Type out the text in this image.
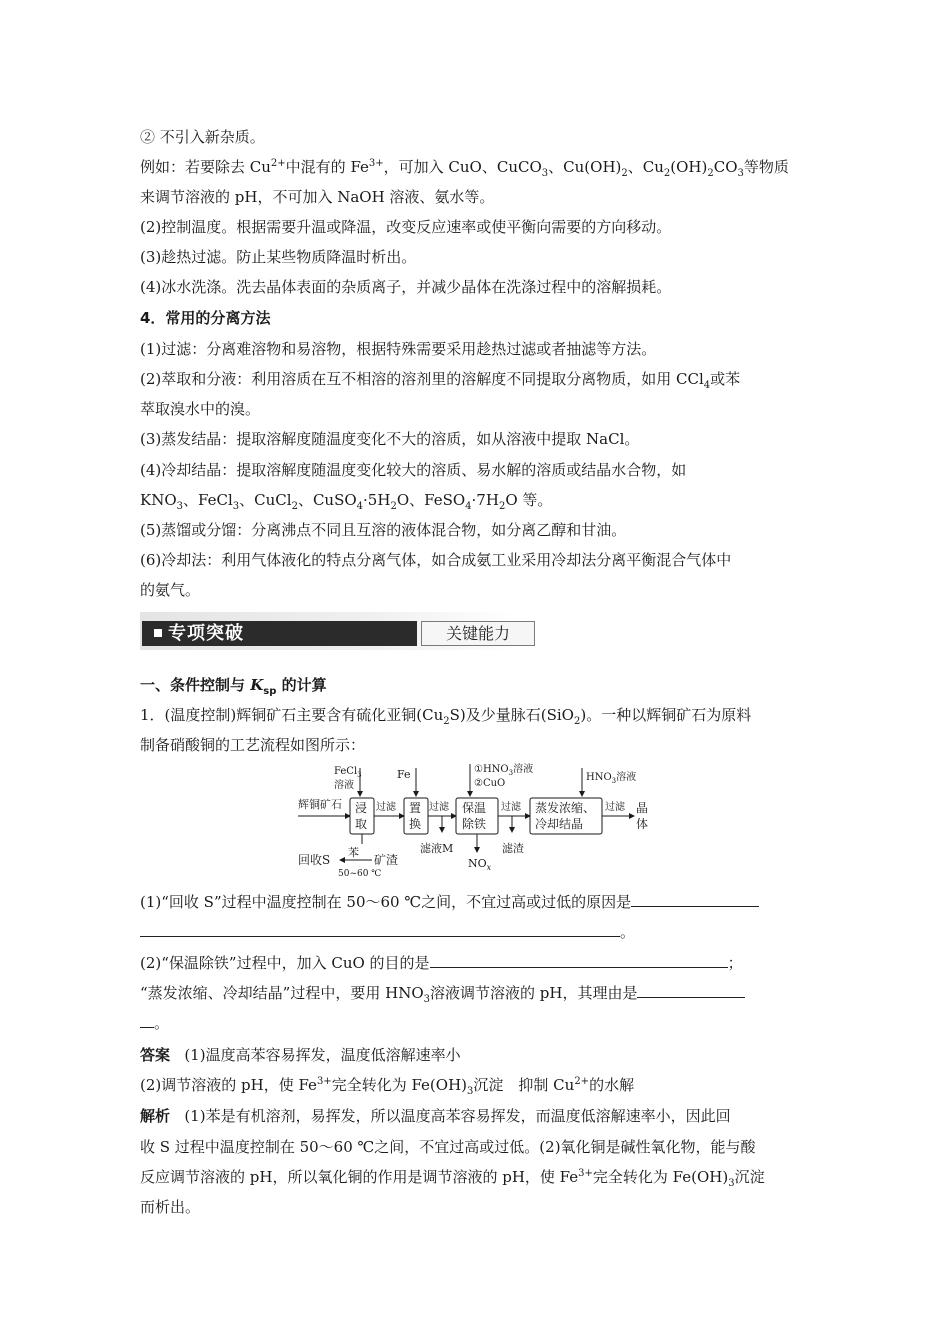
② 不引入新杂质。
例如：若要除去 $Cu^{2+}$中混有的 $Fe^{3+}$，可加入 CuO、CuCO$_3$、$Cu(OH)_2$、$Cu_2(OH)_2CO_3$等物质
来调节溶液的 pH，不可加入 NaOH 溶液、氨水等。
(2)控制温度。根据需要升温或降温，改变反应速率或使平衡向需要的方向移动。
(3)趁热过滤。防止某些物质降温时析出。
(4)冰水洗涤。洗去晶体表面的杂质离子，并减少晶体在洗涤过程中的溶解损耗。
4．常用的分离方法
(1)过滤：分离难溶物和易溶物，根据特殊需要采用趁热过滤或者抽滤等方法。
(2)萃取和分液：利用溶质在互不相溶的溶剂里的溶解度不同提取分离物质，如用 CCl$_4$或苯
萃取溴水中的溴。
(3)蒸发结晶：提取溶解度随温度变化不大的溶质，如从溶液中提取 NaCl。
(4)冷却结晶：提取溶解度随温度变化较大的溶质、易水解的溶质或结晶水合物，如
$KNO_3$、FeCl$_3$、CuCl$_2$、$CuSO_4\cdot 5H_2O$、$FeSO_4\cdot 7H_2O$ 等。
(5)蒸馏或分馏：分离沸点不同且互溶的液体混合物，如分离乙醇和甘油。
(6)冷却法：利用气体液化的特点分离气体，如合成氨工业采用冷却法分离平衡混合气体中
的氨气。
专项突破	关键能力
一、条件控制与 $K_{sp}$ 的计算
1．(温度控制)辉铜矿石主要含有硫化亚铜$(Cu_2S)$及少量脉石(SiO$_2$)。一种以辉铜矿石为原料
制备硝酸铜的工艺流程如图所示：
辉铜矿石
FeCl$_3$
溶液
浸
取
过滤
Fe
置
换
过滤
滤液M
$①HNO_3$溶液
②CuO
保温
除铁
$NO_x$
过滤
滤渣
$HNO_3$溶液
蒸发浓缩、
冷却结晶
过滤 晶
体
矿渣
苯
50~60 ℃
回收S
(1)“回收 S”过程中温度控制在 50～60 ℃之间，不宜过高或过低的原因是
。
(2)“保温除铁”过程中，加入 CuO 的目的是	；
“蒸发浓缩、冷却结晶”过程中，要用 $HNO_3$溶液调节溶液的 pH，其理由是
。
答案 (1)温度高苯容易挥发，温度低溶解速率小
(2)调节溶液的 pH，使 $Fe^{3+}$完全转化为 $Fe(OH)_3$沉淀　抑制 $Cu^{2+}$的水解
解析 (1)苯是有机溶剂，易挥发，所以温度高苯容易挥发，而温度低溶解速率小，因此回
收 S 过程中温度控制在 50～60 ℃之间，不宜过高或过低。(2)氧化铜是碱性氧化物，能与酸
反应调节溶液的 pH，所以氧化铜的作用是调节溶液的 pH，使 $Fe^{3+}$完全转化为 $Fe(OH)_3$沉淀
而析出。
